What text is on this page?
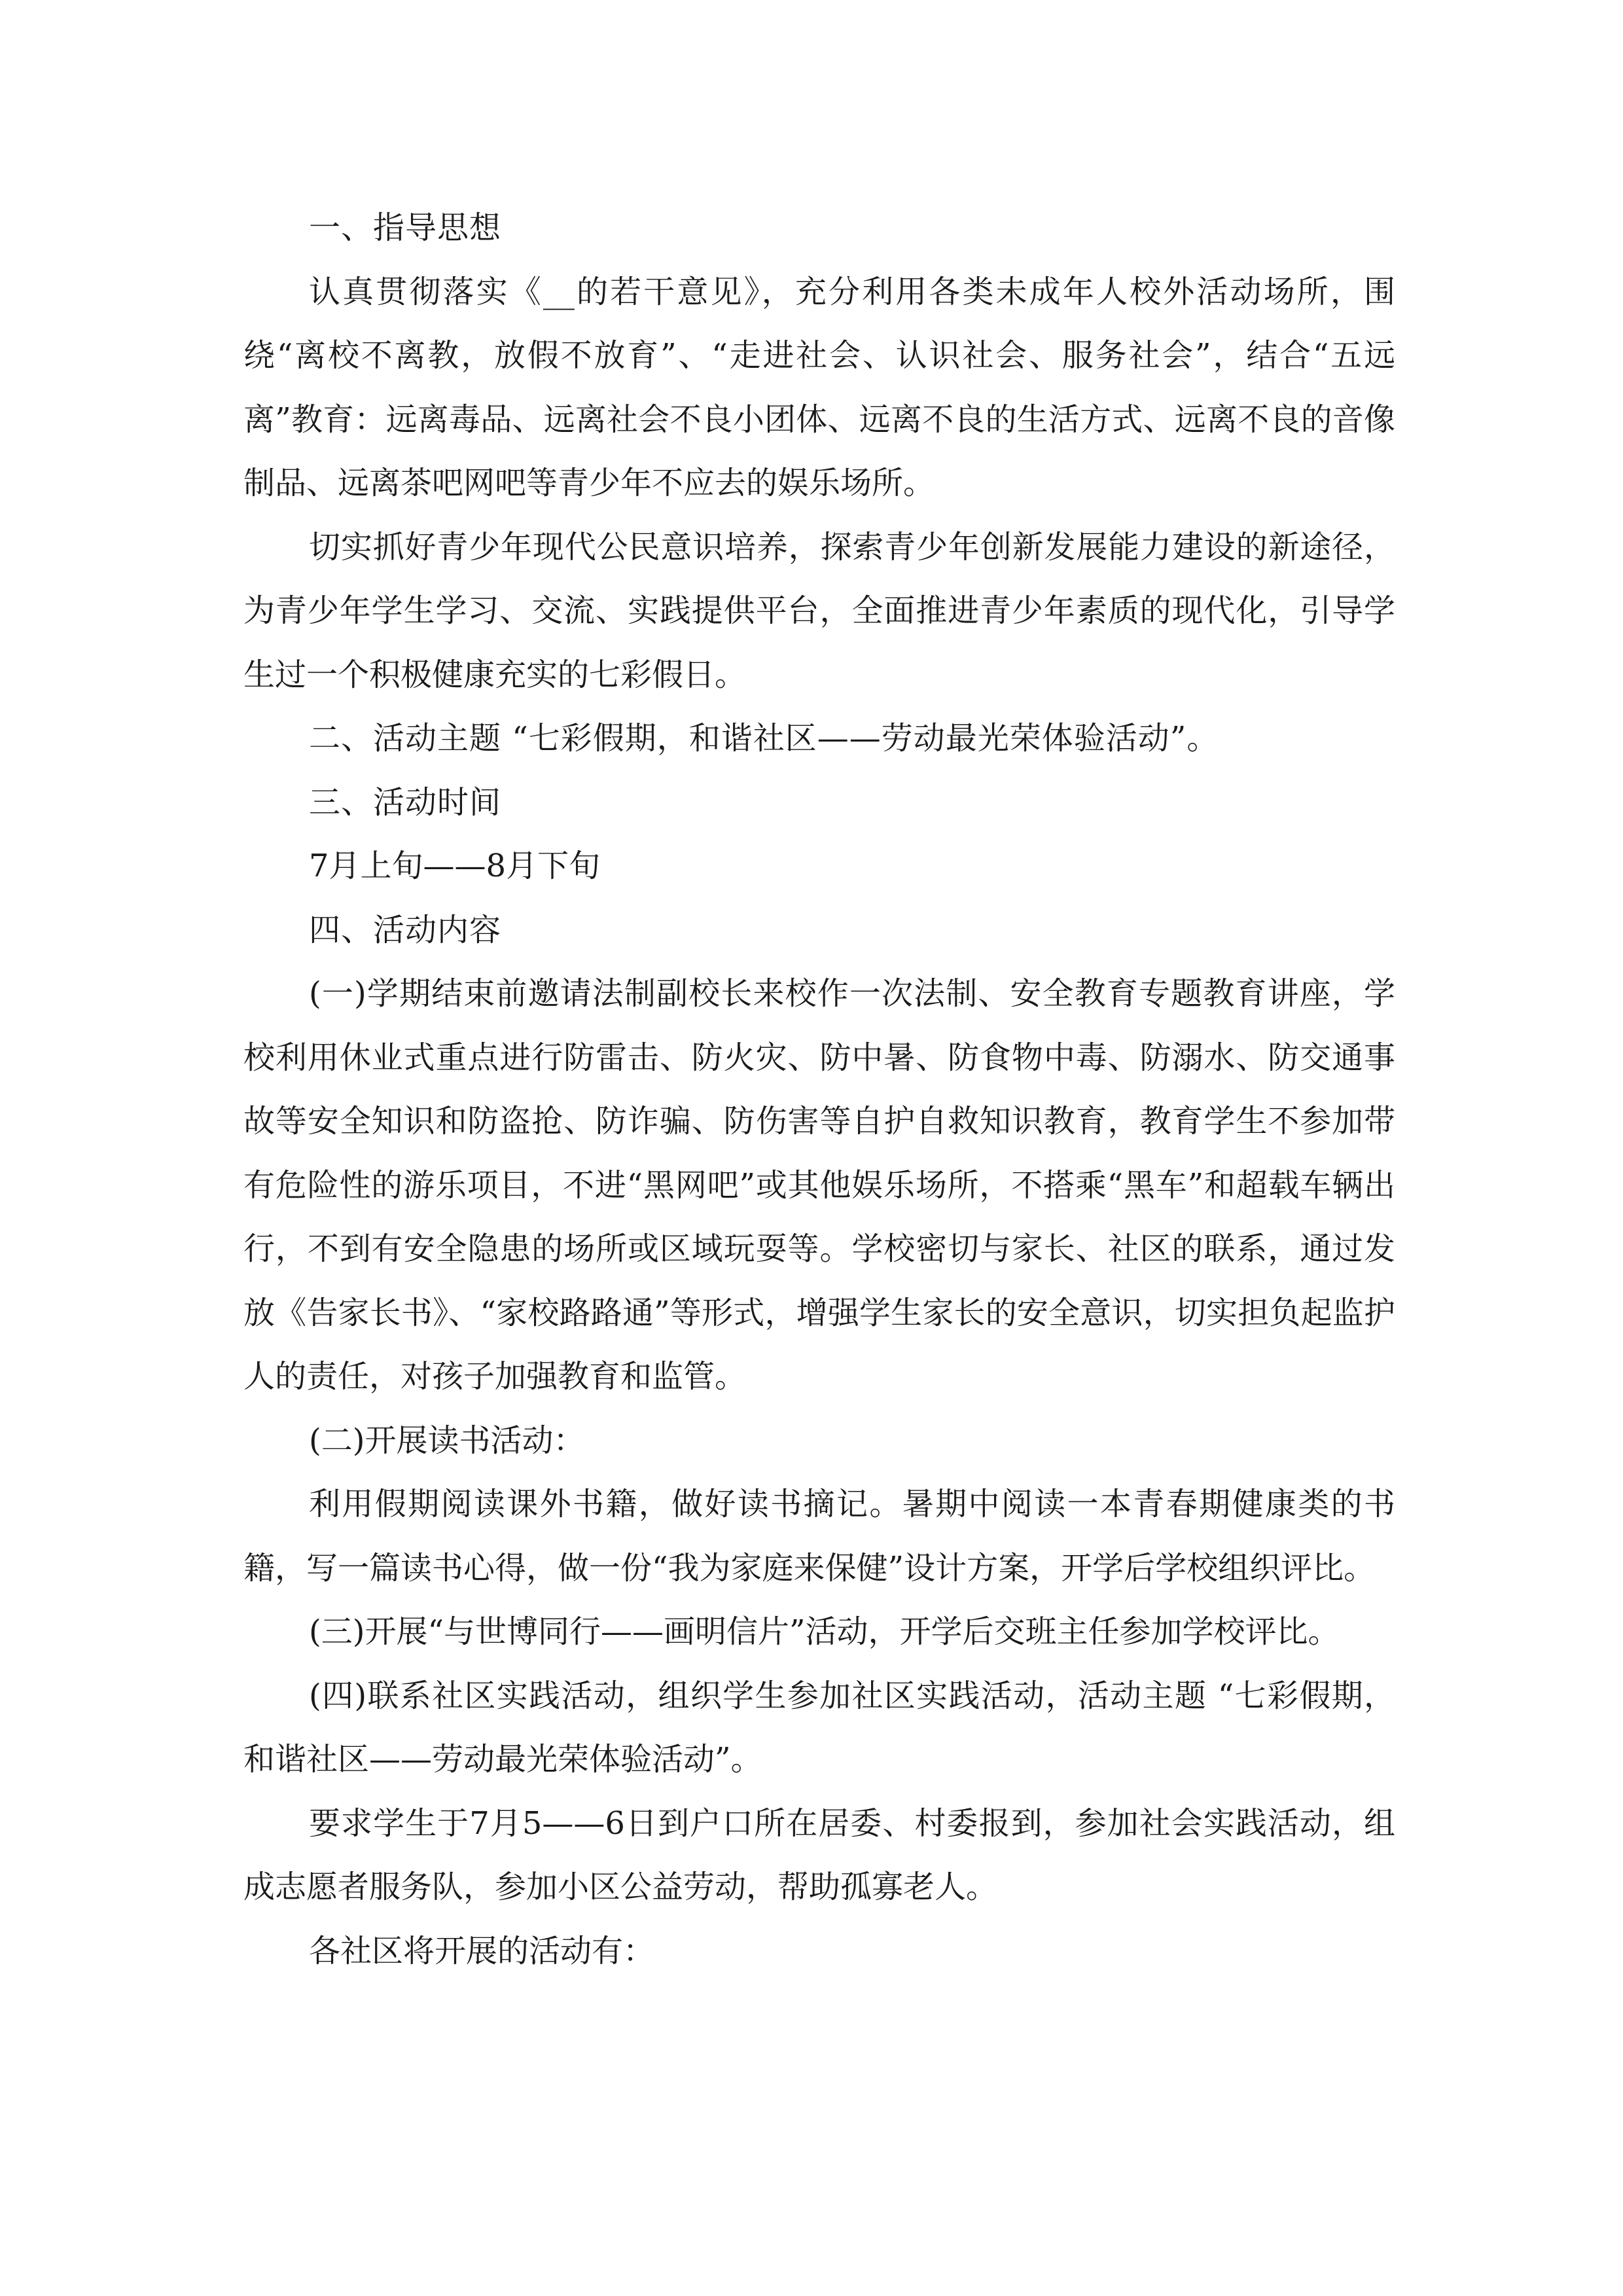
一、指导思想

认真贯彻落实《__的若干意见》，充分利用各类未成年人校外活动场所，围绕“离校不离教，放假不放育”、“走进社会、认识社会、服务社会”，结合“五远离”教育：远离毒品、远离社会不良小团体、远离不良的生活方式、远离不良的音像制品、远离茶吧网吧等青少年不应去的娱乐场所。

切实抓好青少年现代公民意识培养，探索青少年创新发展能力建设的新途径，为青少年学生学习、交流、实践提供平台，全面推进青少年素质的现代化，引导学生过一个积极健康充实的七彩假日。

二、活动主题 “七彩假期，和谐社区——劳动最光荣体验活动”。

三、活动时间

7月上旬——8月下旬

四、活动内容

(一)学期结束前邀请法制副校长来校作一次法制、安全教育专题教育讲座，学校利用休业式重点进行防雷击、防火灾、防中暑、防食物中毒、防溺水、防交通事故等安全知识和防盗抢、防诈骗、防伤害等自护自救知识教育，教育学生不参加带有危险性的游乐项目，不进“黑网吧”或其他娱乐场所，不搭乘“黑车”和超载车辆出行，不到有安全隐患的场所或区域玩耍等。学校密切与家长、社区的联系，通过发放《告家长书》、“家校路路通”等形式，增强学生家长的安全意识，切实担负起监护人的责任，对孩子加强教育和监管。

(二)开展读书活动：

利用假期阅读课外书籍，做好读书摘记。暑期中阅读一本青春期健康类的书籍，写一篇读书心得，做一份“我为家庭来保健”设计方案，开学后学校组织评比。

(三)开展“与世博同行——画明信片”活动，开学后交班主任参加学校评比。

(四)联系社区实践活动，组织学生参加社区实践活动，活动主题 “七彩假期，和谐社区——劳动最光荣体验活动”。

要求学生于7月5——6日到户口所在居委、村委报到，参加社会实践活动，组成志愿者服务队，参加小区公益劳动，帮助孤寡老人。

各社区将开展的活动有：
